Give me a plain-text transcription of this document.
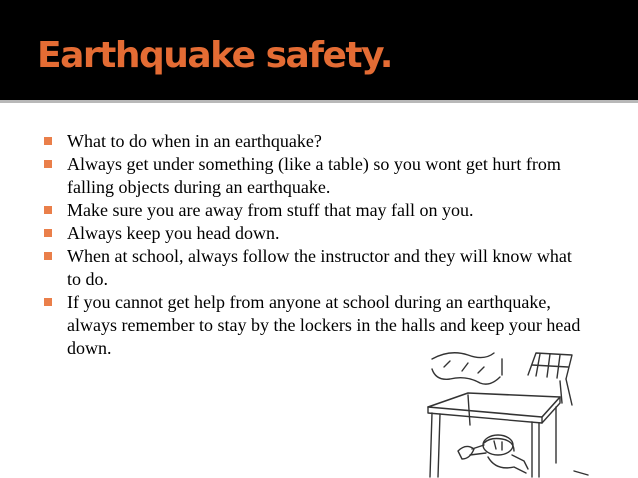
Earthquake safety.
What to do when in an earthquake?
Always get under something (like a table) so you wont get hurt from falling objects during an earthquake.
Make sure you are away from stuff that may fall on you.
Always keep you head down.
When at school, always follow the instructor and they will know what to do.
If you cannot get help from anyone at school during an earthquake, always remember to stay by the lockers in the halls and keep your head down.
